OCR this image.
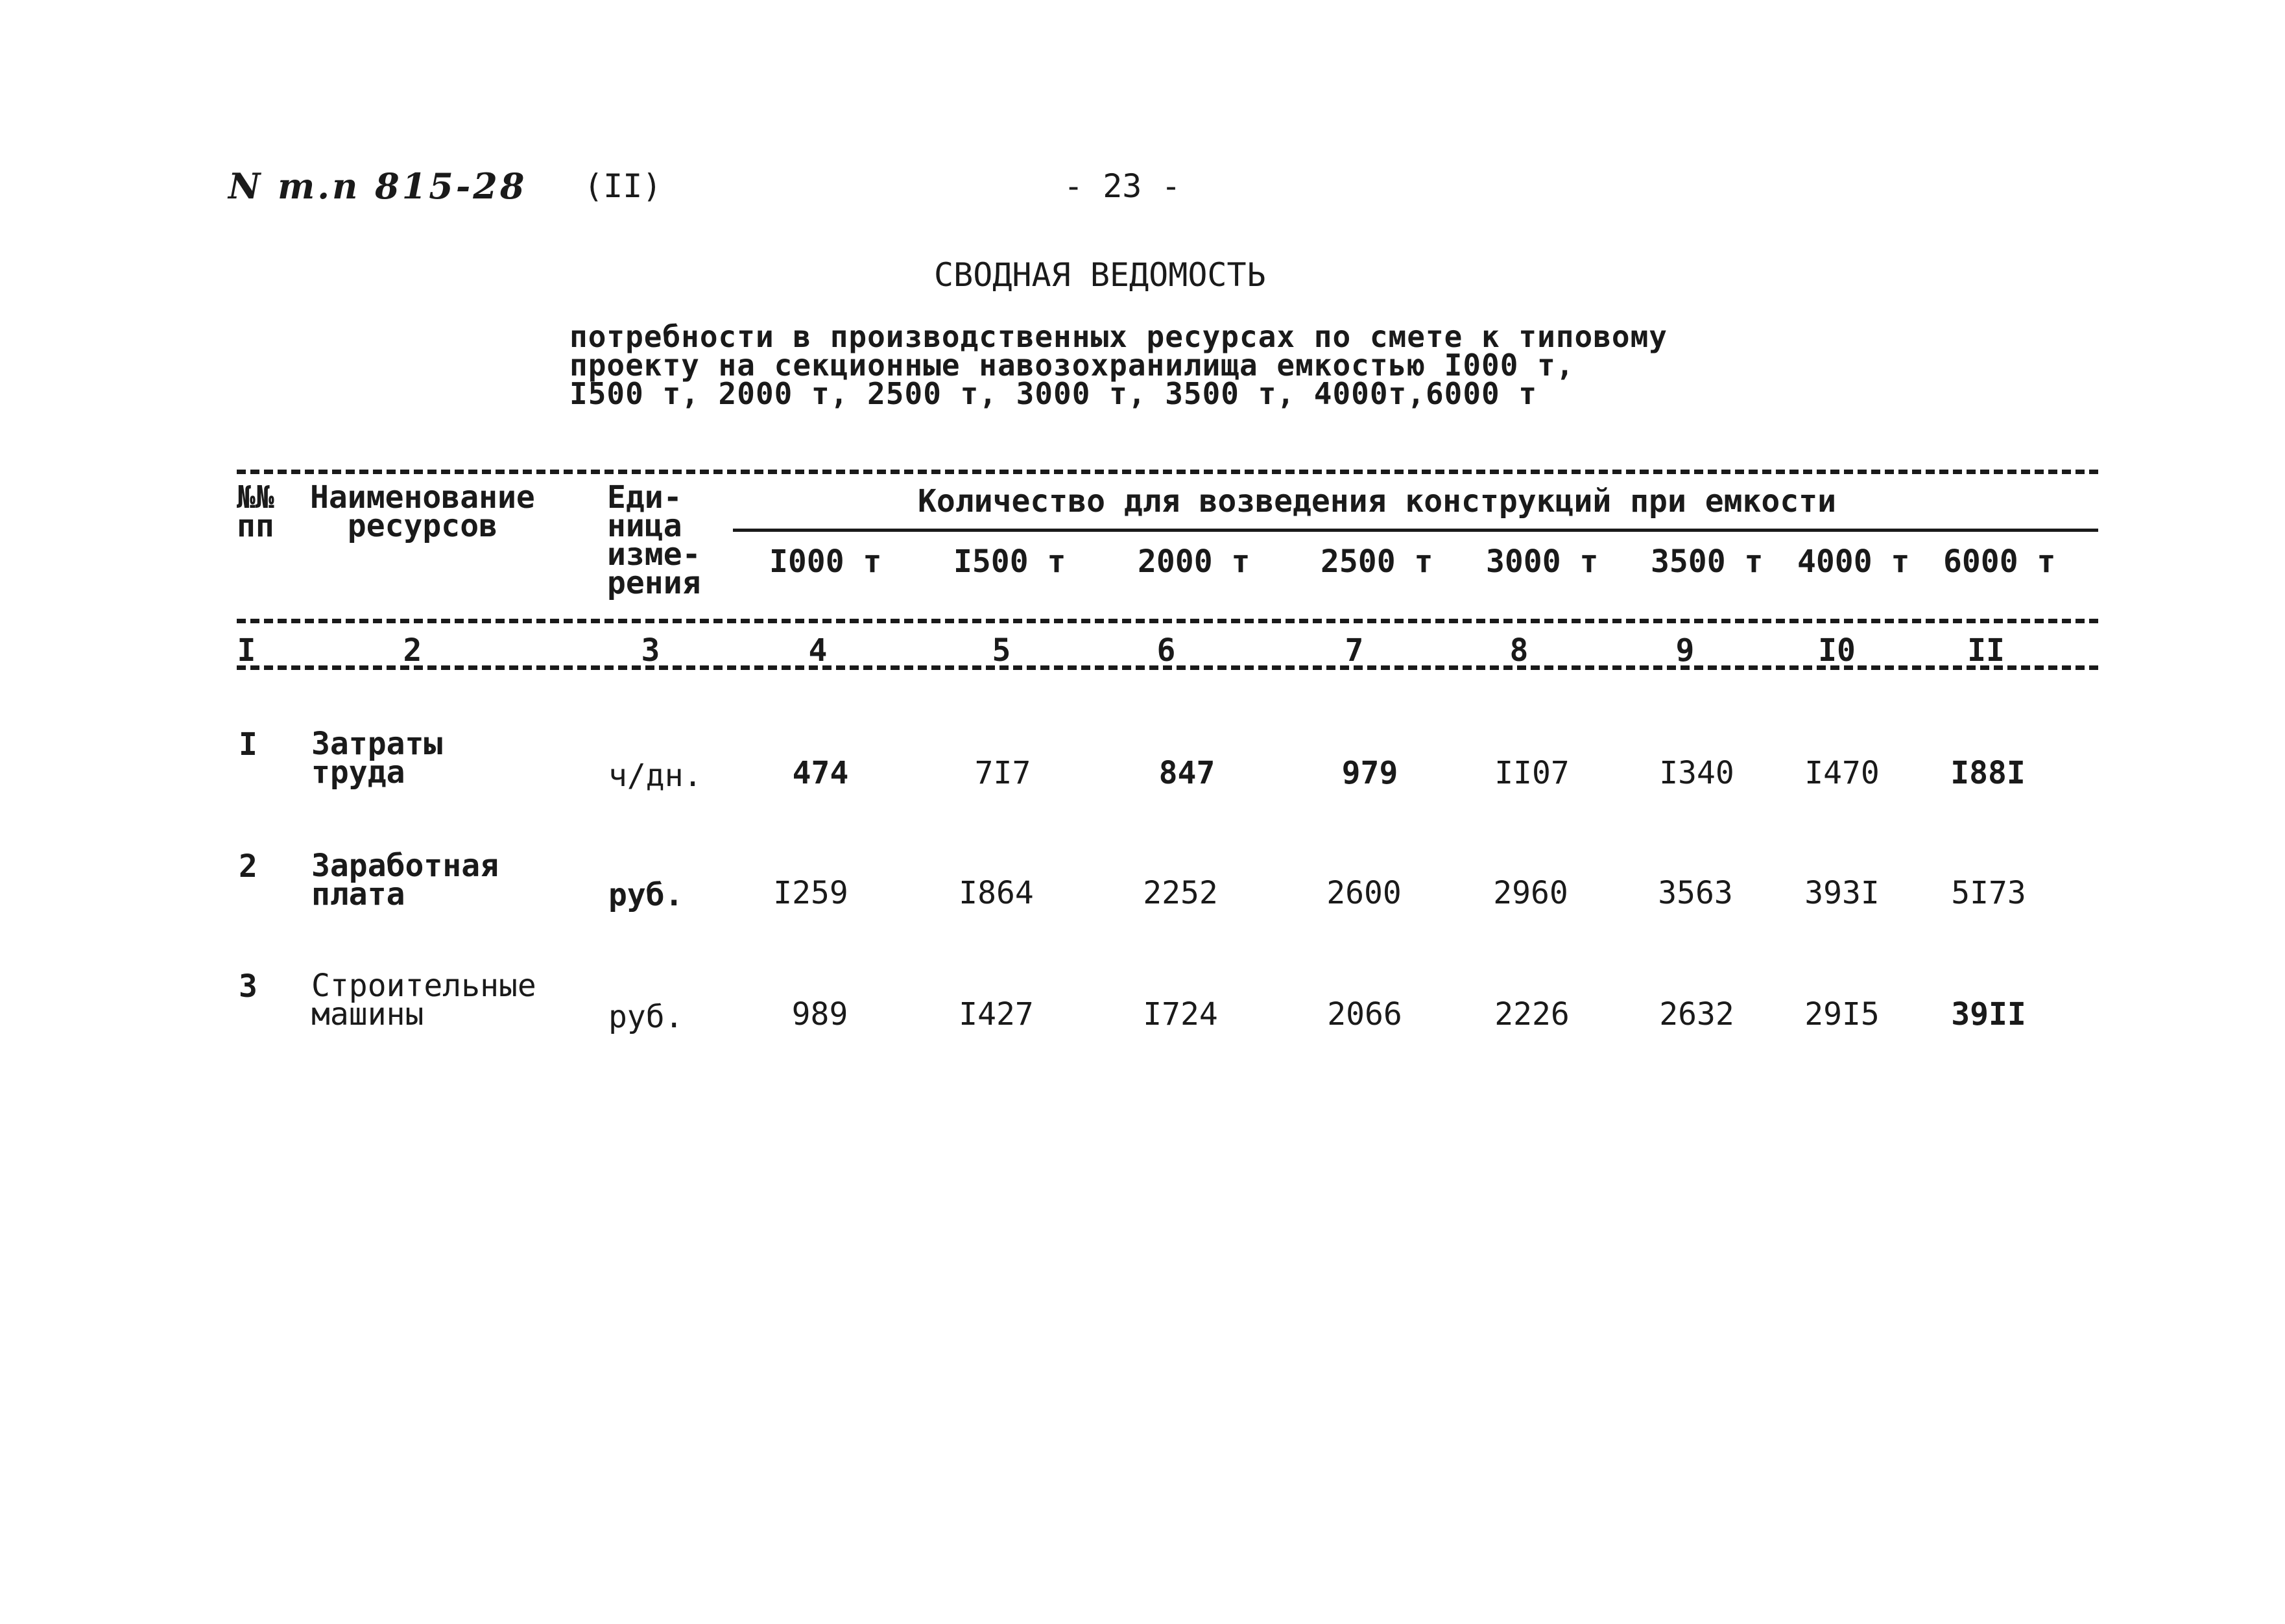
N т.п 815-28 (II)	- 23 -
СВОДНАЯ ВЕДОМОСТЬ
потребности в производственных ресурсах по смете к типовому
проекту на секционные навозохранилища емкостью I000 т,
I500 т, 2000 т, 2500 т, 3000 т, 3500 т, 4000т,6000 т
№№
пп
Наименование
ресурсов
Еди-
ница
изме-
рения
Количество для возведения конструкций при емкости
I000 т I500 т 2000 т 2500 т 3000 т 3500 т 4000 т 6000 т
I	2	3	4	5	6	7	8	9	I0	II
I Затраты
труда	ч/дн.	474	7I7	847	979	II07	I340 I470 I88I
2 Заработная
плата	руб.	I259	I864	2252	2600	2960	3563 393I 5I73
3 Строительные
машины	руб.	989	I427	I724	2066	2226	2632 29I5 39II
